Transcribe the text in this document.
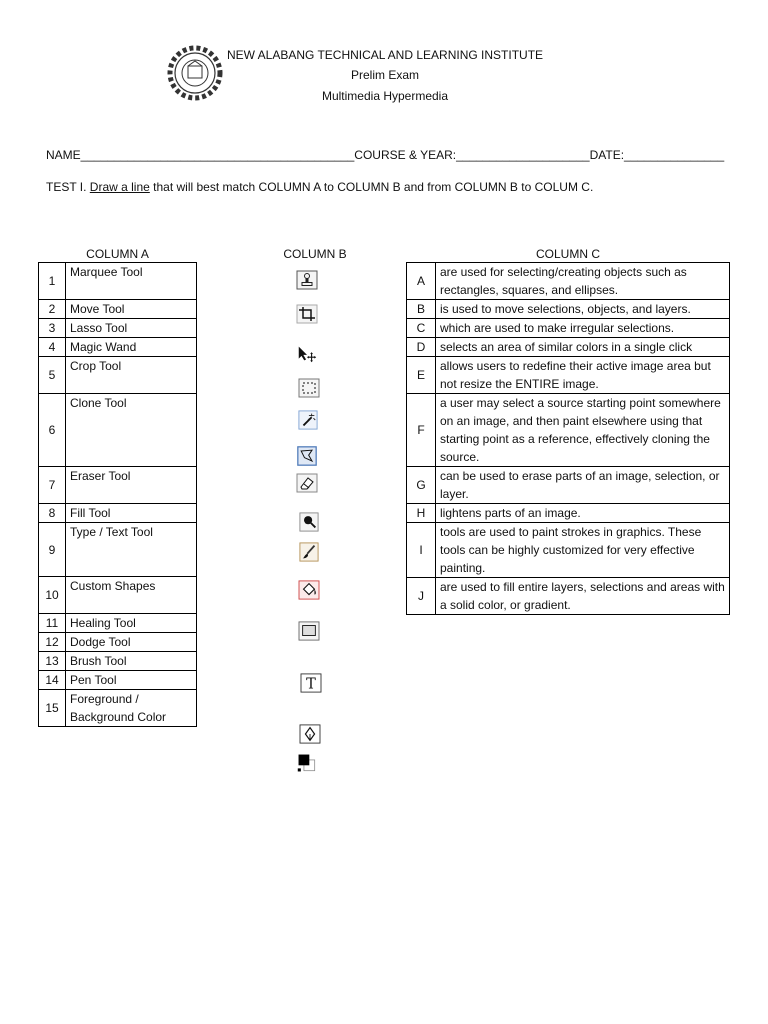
NEW ALABANG TECHNICAL AND LEARNING INSTITUTE
Prelim Exam
Multimedia Hypermedia
NAME_________________________________________COURSE & YEAR:____________________DATE:_______________
TEST I. Draw a line that will best match COLUMN A to COLUMN B and from COLUMN B to COLUM C.
COLUMN A	COLUMN B	COLUMN C
1	Marquee Tool
2	Move Tool
3	Lasso Tool
4	Magic Wand
5	Crop Tool
6	Clone Tool
7	Eraser Tool
8	Fill Tool
9	Type / Text Tool
10	Custom Shapes
11	Healing Tool
12	Dodge Tool
13	Brush Tool
14	Pen Tool
15	Foreground / Background Color
T
A	are used for selecting/creating objects such as rectangles, squares, and ellipses.
B	is used to move selections, objects, and layers.
C	which are used to make irregular selections.
D	selects an area of similar colors in a single click
E	allows users to redefine their active image area but not resize the ENTIRE image.
F	a user may select a source starting point somewhere on an image, and then paint elsewhere using that starting point as a reference, effectively cloning the source.
G	can be used to erase parts of an image, selection, or layer.
H	lightens parts of an image.
I	tools are used to paint strokes in graphics. These tools can be highly customized for very effective painting.
J	are used to fill entire layers, selections and areas with a solid color, or gradient.
